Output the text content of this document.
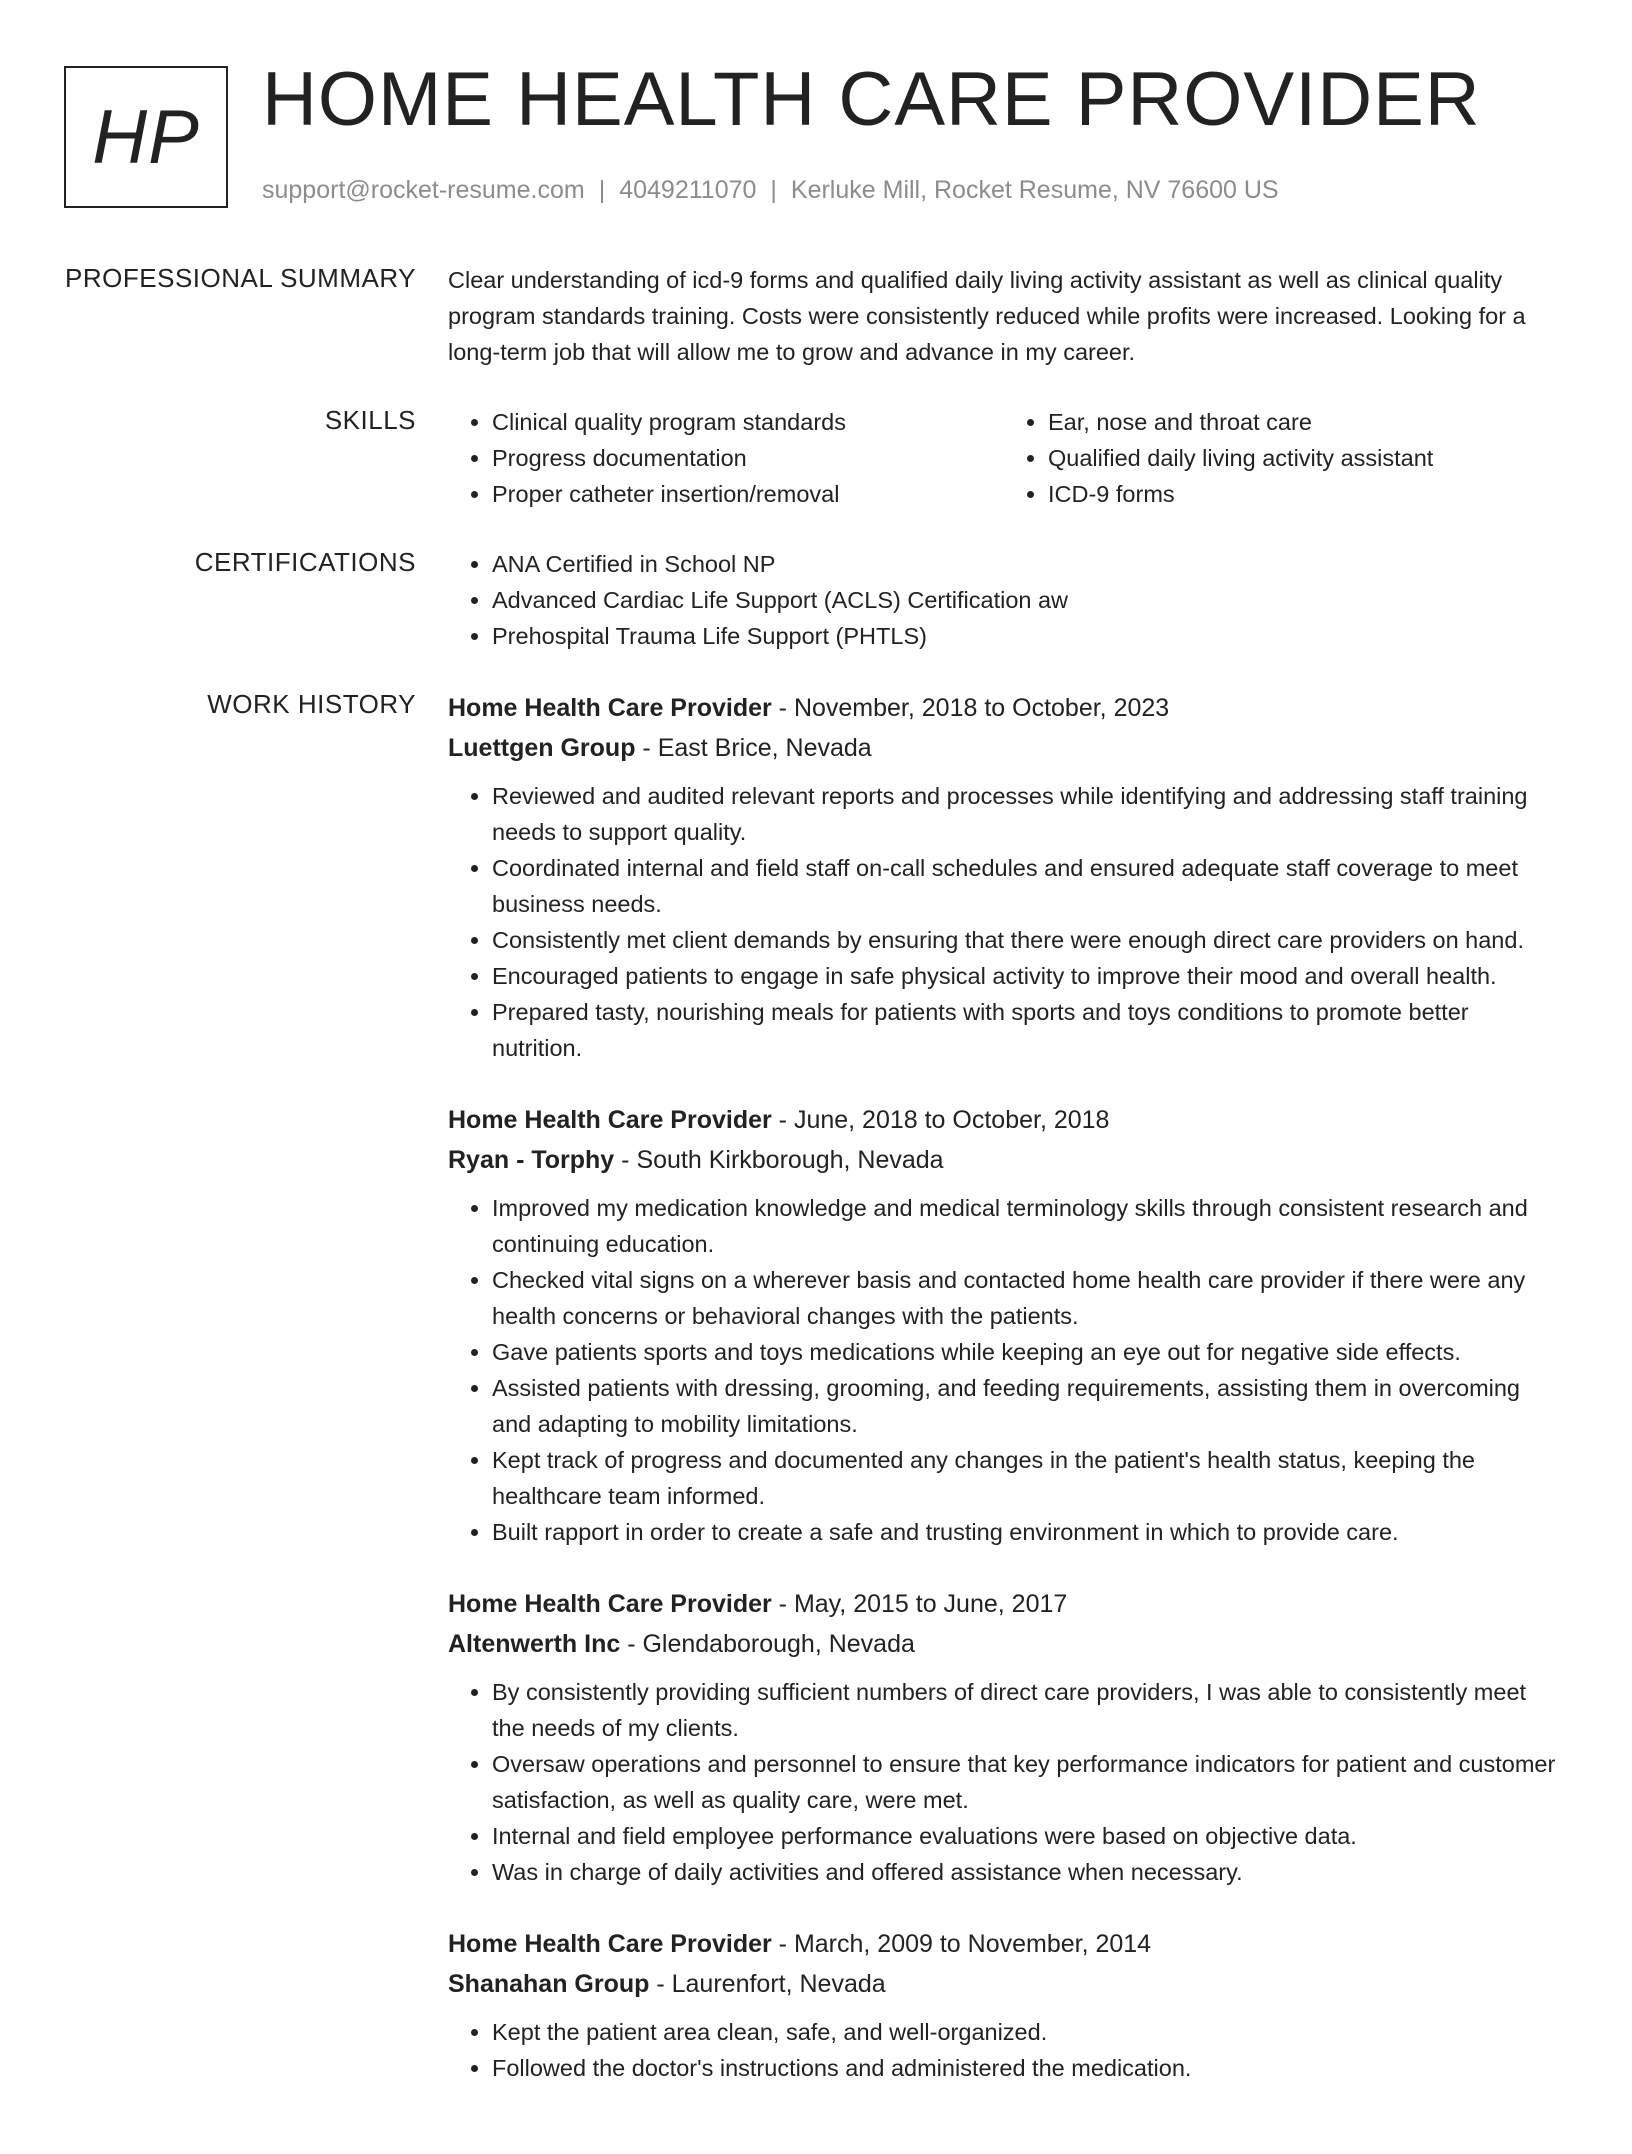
HP HOME HEALTH CARE PROVIDER
support@rocket-resume.com | 4049211070 | Kerluke Mill, Rocket Resume, NV 76600 US
PROFESSIONAL SUMMARY Clear understanding of icd-9 forms and qualified daily living activity assistant as well as clinical quality program standards training. Costs were consistently reduced while profits were increased. Looking for a long-term job that will allow me to grow and advance in my career.

SKILLS	• Clinical quality program standards
• Progress documentation
• Proper catheter insertion/removal
• Ear, nose and throat care
• Qualified daily living activity assistant
• ICD-9 forms
CERTIFICATIONS	• ANA Certified in School NP
• Advanced Cardiac Life Support (ACLS) Certification aw
• Prehospital Trauma Life Support (PHTLS)
WORK HISTORY Home Health Care Provider - November, 2018 to October, 2023
Luettgen Group - East Brice, Nevada
• Reviewed and audited relevant reports and processes while identifying and addressing staff training needs to support quality.
• Coordinated internal and field staff on-call schedules and ensured adequate staff coverage to meet business needs.
• Consistently met client demands by ensuring that there were enough direct care providers on hand.
• Encouraged patients to engage in safe physical activity to improve their mood and overall health.
• Prepared tasty, nourishing meals for patients with sports and toys conditions to promote better nutrition.
Home Health Care Provider - June, 2018 to October, 2018
Ryan - Torphy - South Kirkborough, Nevada
• Improved my medication knowledge and medical terminology skills through consistent research and continuing education.
• Checked vital signs on a wherever basis and contacted home health care provider if there were any health concerns or behavioral changes with the patients.
• Gave patients sports and toys medications while keeping an eye out for negative side effects.
• Assisted patients with dressing, grooming, and feeding requirements, assisting them in overcoming and adapting to mobility limitations.
• Kept track of progress and documented any changes in the patient's health status, keeping the healthcare team informed.
• Built rapport in order to create a safe and trusting environment in which to provide care.
Home Health Care Provider - May, 2015 to June, 2017
Altenwerth Inc - Glendaborough, Nevada
• By consistently providing sufficient numbers of direct care providers, I was able to consistently meet the needs of my clients.
• Oversaw operations and personnel to ensure that key performance indicators for patient and customer satisfaction, as well as quality care, were met.
• Internal and field employee performance evaluations were based on objective data.
• Was in charge of daily activities and offered assistance when necessary.
Home Health Care Provider - March, 2009 to November, 2014
Shanahan Group - Laurenfort, Nevada
• Kept the patient area clean, safe, and well-organized.
• Followed the doctor's instructions and administered the medication.
